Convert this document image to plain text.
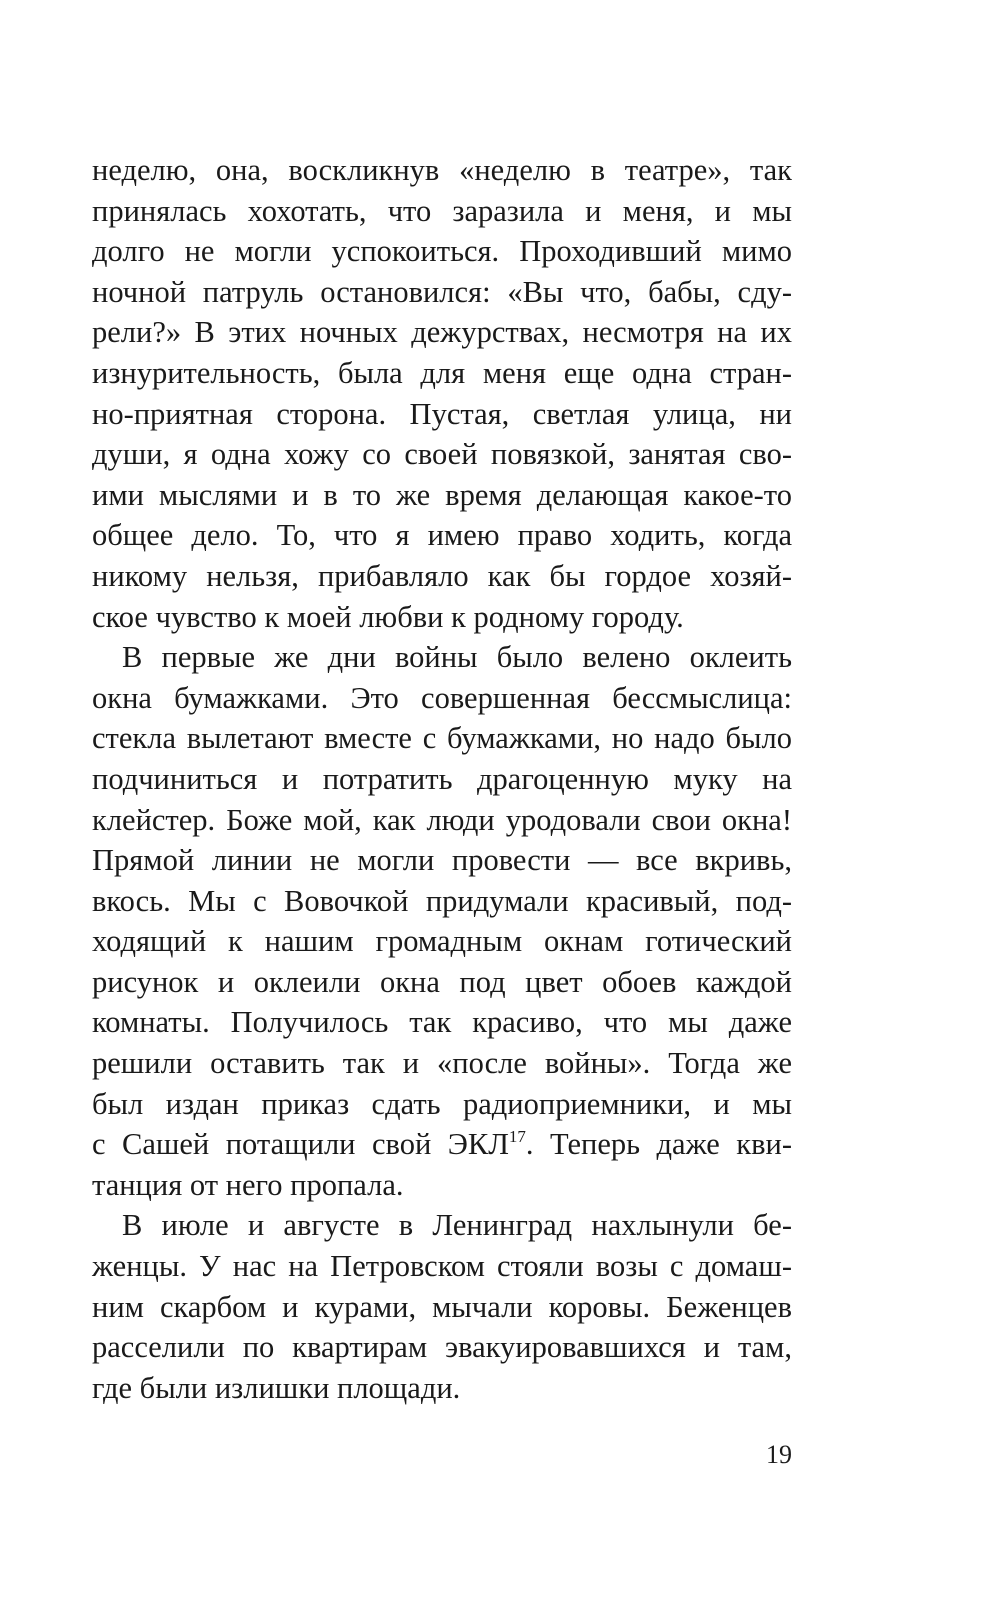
неделю, она, воскликнув «неделю в театре», так
принялась хохотать, что заразила и меня, и мы
долго не могли успокоиться. Проходивший мимо
ночной патруль остановился: «Вы что, бабы, сду-
рели?» В этих ночных дежурствах, несмотря на их
изнурительность, была для меня еще одна стран-
но-приятная сторона. Пустая, светлая улица, ни
души, я одна хожу со своей повязкой, занятая сво-
ими мыслями и в то же время делающая какое-то
общее дело. То, что я имею право ходить, когда
никому нельзя, прибавляло как бы гордое хозяй-
ское чувство к моей любви к родному городу.
В первые же дни войны было велено оклеить
окна бумажками. Это совершенная бессмыслица:
стекла вылетают вместе с бумажками, но надо было
подчиниться и потратить драгоценную муку на
клейстер. Боже мой, как люди уродовали свои окна!
Прямой линии не могли провести — все вкривь,
вкось. Мы с Вовочкой придумали красивый, под-
ходящий к нашим громадным окнам готический
рисунок и оклеили окна под цвет обоев каждой
комнаты. Получилось так красиво, что мы даже
решили оставить так и «после войны». Тогда же
был издан приказ сдать радиоприемники, и мы
с Сашей потащили свой ЭКЛ$^{17}$. Теперь даже кви-
танция от него пропала.
В июле и августе в Ленинград нахлынули бе-
женцы. У нас на Петровском стояли возы с домаш-
ним скарбом и курами, мычали коровы. Беженцев
расселили по квартирам эвакуировавшихся и там,
где были излишки площади.
19
